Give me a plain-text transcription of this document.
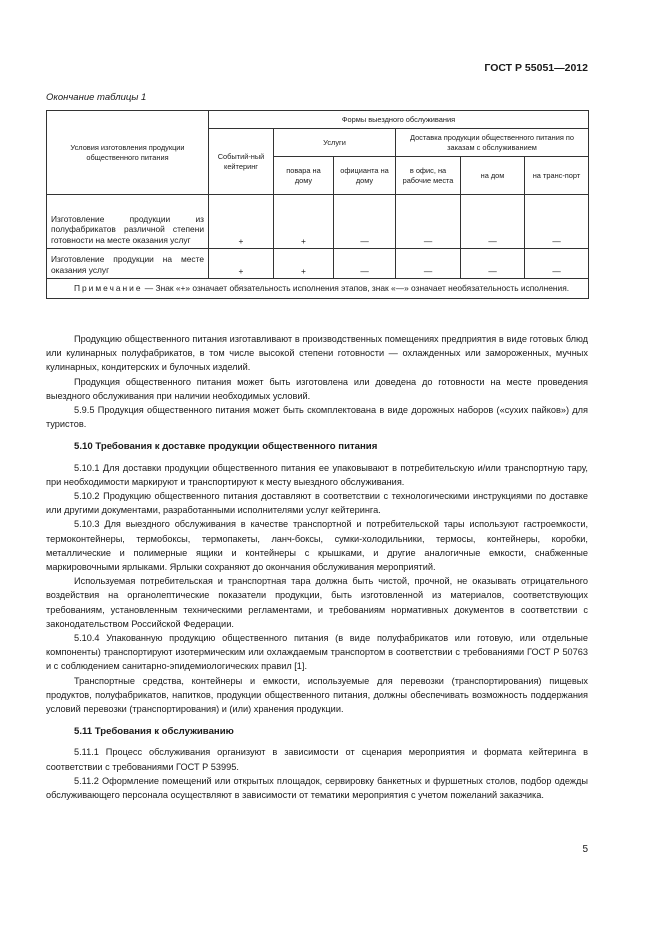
ГОСТ Р 55051—2012
Окончание таблицы 1
Условия изготовления продукции общественного питания	Формы выездного обслуживания					
	Событий-ный кейтеринг	Услуги		Доставка продукции общественного питания по заказам с обслуживанием		
		повара на дому	официанта на дому	в офис, на рабочие места	на дом	на транс-порт
Изготовление продукции из полуфабрикатов различной степени готовности на месте оказания услуг	+	+	—	—	—	—
Изготовление продукции на месте оказания услуг	+	+	—	—	—	—
Примечание — Знак «+» означает обязательность исполнения этапов, знак «—» означает необязательность исполнения.						

Продукцию общественного питания изготавливают в производственных помещениях предприятия в виде готовых блюд или кулинарных полуфабрикатов, в том числе высокой степени готовности — охлажденных или замороженных, мучных кулинарных, кондитерских и булочных изделий.

Продукция общественного питания может быть изготовлена или доведена до готовности на месте проведения выездного обслуживания при наличии необходимых условий.

5.9.5 Продукция общественного питания может быть скомплектована в виде дорожных наборов («сухих пайков») для туристов.

5.10 Требования к доставке продукции общественного питания

5.10.1 Для доставки продукции общественного питания ее упаковывают в потребительскую и/или транспортную тару, при необходимости маркируют и транспортируют к месту выездного обслуживания.

5.10.2 Продукцию общественного питания доставляют в соответствии с технологическими инструкциями по доставке или другими документами, разработанными исполнителями услуг кейтеринга.

5.10.3 Для выездного обслуживания в качестве транспортной и потребительской тары используют гастроемкости, термоконтейнеры, термобоксы, термопакеты, ланч-боксы, сумки-холодильники, термосы, контейнеры, коробки, металлические и полимерные ящики и контейнеры с крышками, и другие аналогичные емкости, снабженные маркировочными ярлыками. Ярлыки сохраняют до окончания обслуживания мероприятий.

Используемая потребительская и транспортная тара должна быть чистой, прочной, не оказывать отрицательного воздействия на органолептические показатели продукции, быть изготовленной из материалов, соответствующих требованиям, установленным техническими регламентами, и требованиям нормативных документов в соответствии с законодательством Российской Федерации.

5.10.4 Упакованную продукцию общественного питания (в виде полуфабрикатов или готовую, или отдельные компоненты) транспортируют изотермическим или охлаждаемым транспортом в соответствии с требованиями ГОСТ Р 50763 и с соблюдением санитарно-эпидемиологических правил [1].

Транспортные средства, контейнеры и емкости, используемые для перевозки (транспортирования) пищевых продуктов, полуфабрикатов, напитков, продукции общественного питания, должны обеспечивать возможность поддержания условий перевозки (транспортирования) и (или) хранения продукции.

5.11 Требования к обслуживанию

5.11.1 Процесс обслуживания организуют в зависимости от сценария мероприятия и формата кейтеринга в соответствии с требованиями ГОСТ Р 53995.

5.11.2 Оформление помещений или открытых площадок, сервировку банкетных и фуршетных столов, подбор одежды обслуживающего персонала осуществляют в зависимости от тематики мероприятия с учетом пожеланий заказчика.

5
